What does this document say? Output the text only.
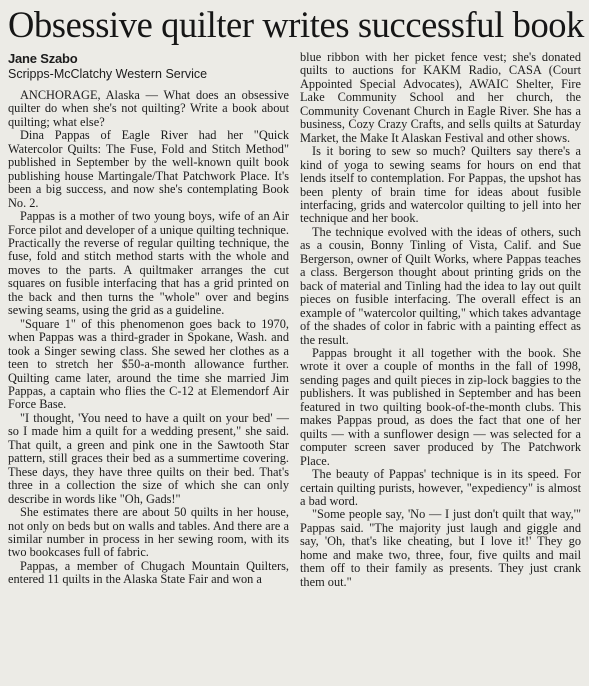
Obsessive quilter writes successful book
Jane Szabo
Scripps-McClatchy Western Service

ANCHORAGE, Alaska — What does an obsessive quilter do when she's not quilting? Write a book about quilting; what else?

Dina Pappas of Eagle River had her "Quick Watercolor Quilts: The Fuse, Fold and Stitch Method" published in September by the well-known quilt book publishing house Martingale/That Patchwork Place. It's been a big success, and now she's contemplating Book No. 2.

Pappas is a mother of two young boys, wife of an Air Force pilot and developer of a unique quilting technique. Practically the reverse of regular quilting technique, the fuse, fold and stitch method starts with the whole and moves to the parts. A quiltmaker arranges the cut squares on fusible interfacing that has a grid printed on the back and then turns the "whole" over and begins sewing seams, using the grid as a guideline.

"Square 1" of this phenomenon goes back to 1970, when Pappas was a third-grader in Spokane, Wash. and took a Singer sewing class. She sewed her clothes as a teen to stretch her $50-a-month allowance further. Quilting came later, around the time she married Jim Pappas, a captain who flies the C-12 at Elemendorf Air Force Base.

"I thought, 'You need to have a quilt on your bed' — so I made him a quilt for a wedding present," she said. That quilt, a green and pink one in the Sawtooth Star pattern, still graces their bed as a summertime covering. These days, they have three quilts on their bed. That's three in a collection the size of which she can only describe in words like "Oh, Gads!"

She estimates there are about 50 quilts in her house, not only on beds but on walls and tables. And there are a similar number in process in her sewing room, with its two bookcases full of fabric.

Pappas, a member of Chugach Mountain Quilters, entered 11 quilts in the Alaska State Fair and won a

blue ribbon with her picket fence vest; she's donated quilts to auctions for KAKM Radio, CASA (Court Appointed Special Advocates), AWAIC Shelter, Fire Lake Community School and her church, the Community Covenant Church in Eagle River. She has a business, Cozy Crazy Crafts, and sells quilts at Saturday Market, the Make It Alaskan Festival and other shows.

Is it boring to sew so much? Quilters say there's a kind of yoga to sewing seams for hours on end that lends itself to contemplation. For Pappas, the upshot has been plenty of brain time for ideas about fusible interfacing, grids and watercolor quilting to jell into her technique and her book.

The technique evolved with the ideas of others, such as a cousin, Bonny Tinling of Vista, Calif. and Sue Bergerson, owner of Quilt Works, where Pappas teaches a class. Bergerson thought about printing grids on the back of material and Tinling had the idea to lay out quilt pieces on fusible interfacing. The overall effect is an example of "watercolor quilting," which takes advantage of the shades of color in fabric with a painting effect as the result.

Pappas brought it all together with the book. She wrote it over a couple of months in the fall of 1998, sending pages and quilt pieces in zip-lock baggies to the publishers. It was published in September and has been featured in two quilting book-of-the-month clubs. This makes Pappas proud, as does the fact that one of her quilts — with a sunflower design — was selected for a computer screen saver produced by The Patchwork Place.

The beauty of Pappas' technique is in its speed. For certain quilting purists, however, "expediency" is almost a bad word.

"Some people say, 'No — I just don't quilt that way,'" Pappas said. "The majority just laugh and giggle and say, 'Oh, that's like cheating, but I love it!' They go home and make two, three, four, five quilts and mail them off to their family as presents. They just crank them out."
